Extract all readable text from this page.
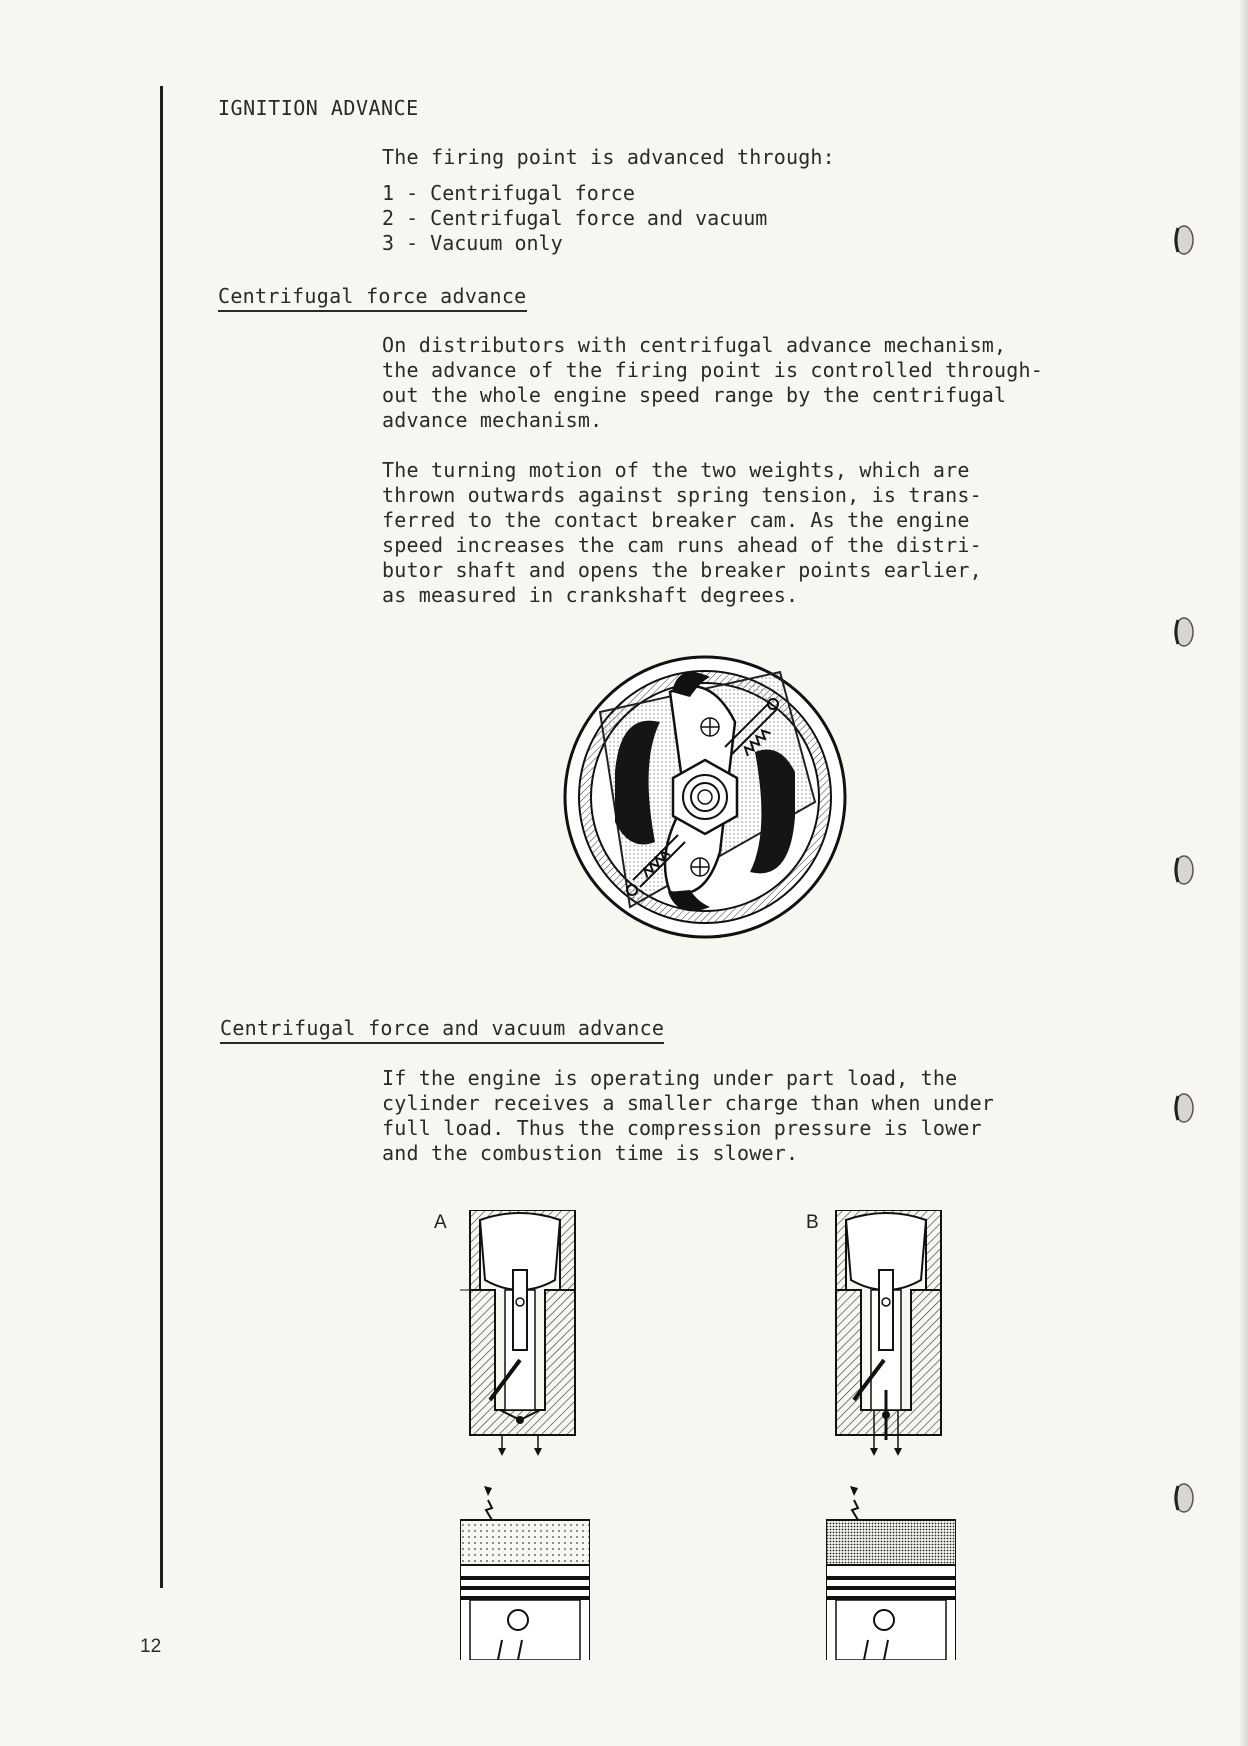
IGNITION ADVANCE
The firing point is advanced through:
1 - Centrifugal force
2 - Centrifugal force and vacuum
3 - Vacuum only
Centrifugal force advance
On distributors with centrifugal advance mechanism,
the advance of the firing point is controlled through-
out the whole engine speed range by the centrifugal
advance mechanism.
The turning motion of the two weights, which are
thrown outwards against spring tension, is trans-
ferred to the contact breaker cam. As the engine
speed increases the cam runs ahead of the distri-
butor shaft and opens the breaker points earlier,
as measured in crankshaft degrees.
Centrifugal force and vacuum advance
If the engine is operating under part load, the
cylinder receives a smaller charge than when under
full load. Thus the compression pressure is lower
and the combustion time is slower.
A	B
12
